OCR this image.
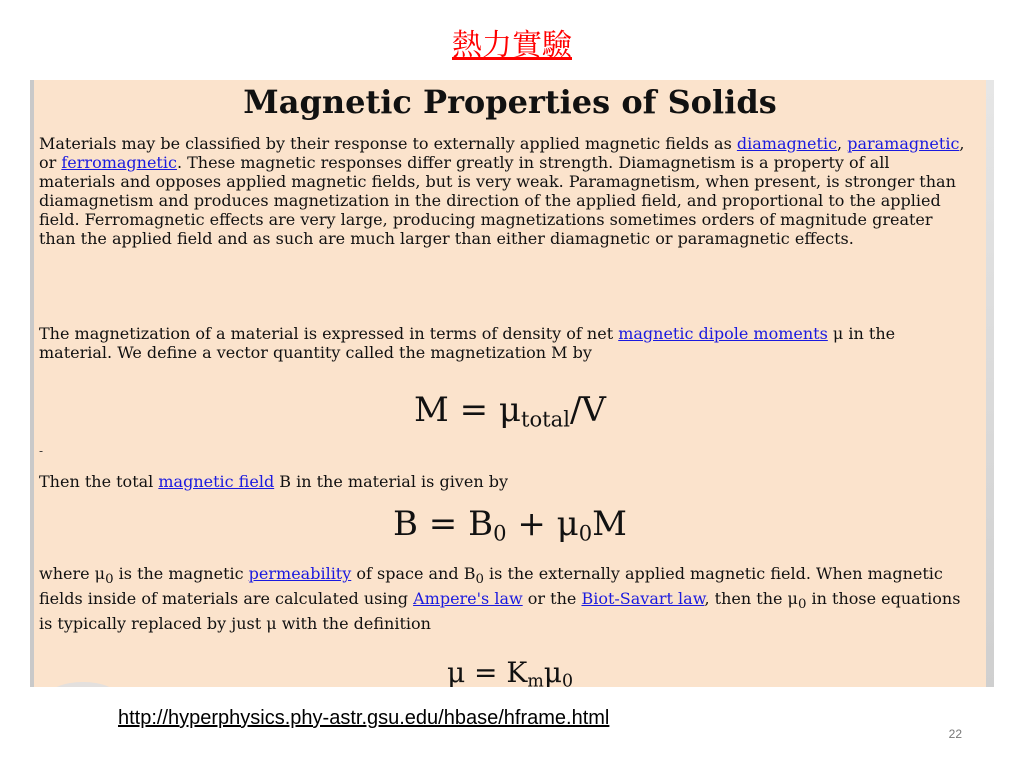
熱力實驗
Magnetic Properties of Solids
Materials may be classified by their response to externally applied magnetic fields as diamagnetic, paramagnetic, or ferromagnetic. These magnetic responses differ greatly in strength. Diamagnetism is a property of all materials and opposes applied magnetic fields, but is very weak. Paramagnetism, when present, is stronger than diamagnetism and produces magnetization in the direction of the applied field, and proportional to the applied field. Ferromagnetic effects are very large, producing magnetizations sometimes orders of magnitude greater than the applied field and as such are much larger than either diamagnetic or paramagnetic effects.
The magnetization of a material is expressed in terms of density of net magnetic dipole moments μ in the material. We define a vector quantity called the magnetization M by
$M = \mu_{total}/V$
-
Then the total magnetic field B in the material is given by
$B = B_0 + \mu_0M$
where $\mu_0$ is the magnetic permeability of space and $B_0$ is the externally applied magnetic field. When magnetic fields inside of materials are calculated using Ampere's law or the Biot-Savart law, then the $\mu_0$ in those equations is typically replaced by just μ with the definition
$\mu = K_m\mu_0$
http://hyperphysics.phy-astr.gsu.edu/hbase/hframe.html
22
